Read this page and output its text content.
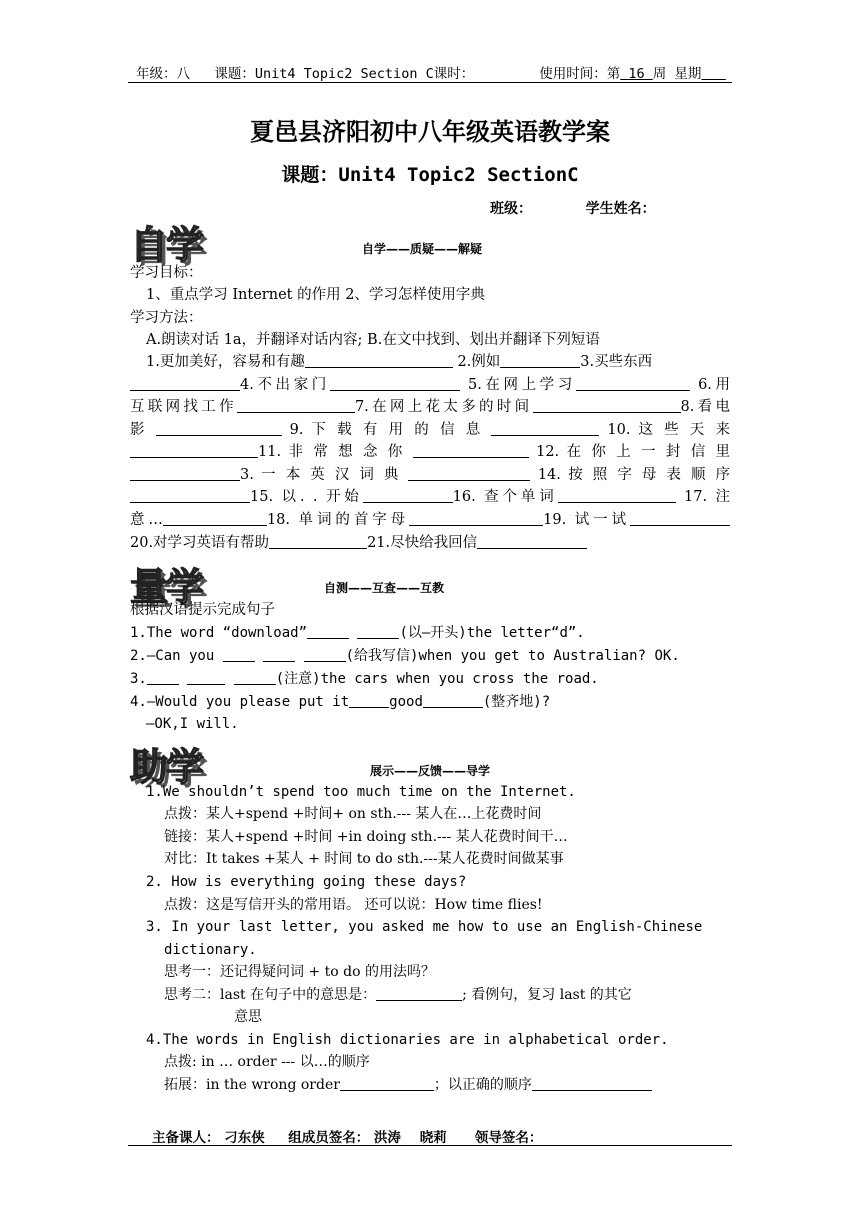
年级：八 课题：Unit4 Topic2 Section C课时：	使用时间：第 16 周 星期
夏邑县济阳初中八年级英语教学案
课题：Unit4 Topic2 SectionC
班级：	学生姓名：
自学	自学——质疑——解疑
学习目标：
1、重点学习 Internet 的作用 2、学习怎样使用字典
学习方法：
A.朗读对话 1a，并翻译对话内容; B.在文中找到、划出并翻译下列短语
1.更加美好，容易和有趣	2.例如	3.买些东西
4.不出家门	5.在网上学习	6.用
互联网找工作	7.在网上花太多的时间	8.看电
影	9. 下 载 有 用 的 信 息	10. 这 些 天 来
11. 非 常 想 念 你	12. 在 你 上 一 封 信 里
3. 一 本 英 汉 词 典	14. 按 照 字 母 表 顺 序
15. 以. . 开始	16. 查个单词	17. 注
意…	18. 单词的首字母	19. 试一试
20.对学习英语有帮助	21.尽快给我回信
量学	自测——互查——互教
根据汉语提示完成句子
1.The word “download”	(以—开头)the letter“d”.
2.—Can you	(给我写信)when you get to Australian? OK.
3.	(注意)the cars when you cross the road.
4.—Would you please put it	good	(整齐地)?
—OK,I will.
助学	展示——反馈——导学
1.We shouldn’t spend too much time on the Internet.
点拨：某人+spend +时间+ on sth.--- 某人在…上花费时间
链接：某人+spend +时间 +in doing sth.--- 某人花费时间干…
对比：It takes +某人 + 时间 to do sth.---某人花费时间做某事
2. How is everything going these days?
点拨：这是写信开头的常用语。 还可以说：How time flies!
3. In your last letter, you asked me how to use an English-Chinese
dictionary.
思考一：还记得疑问词 + to do 的用法吗？
思考二：last 在句子中的意思是：	; 看例句，复习 last 的其它
意思
4.The words in English dictionaries are in alphabetical order.
点拨: in … order --- 以…的顺序
拓展：in the wrong order	；以正确的顺序
主备课人： 刁东侠 组成员签名： 洪涛 晓莉 领导签名：
